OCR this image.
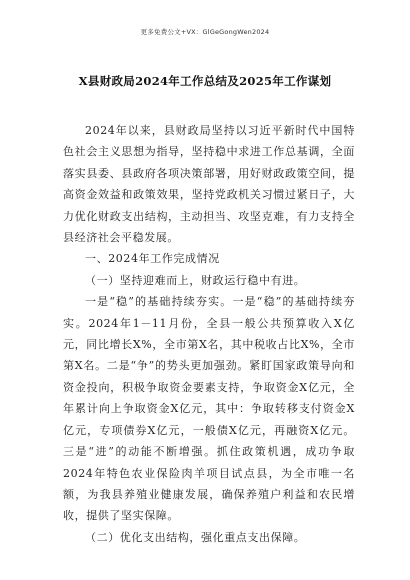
更多免费公文+VX：GlGeGongWen2024
X县财政局2024年工作总结及2025年工作谋划

2024年以来，县财政局坚持以习近平新时代中国特色社会主义思想为指导，坚持稳中求进工作总基调，全面落实县委、县政府各项决策部署，用好财政政策空间，提高资金效益和政策效果，坚持党政机关习惯过紧日子，大力优化财政支出结构，主动担当、攻坚克难，有力支持全县经济社会平稳发展。

一、2024年工作完成情况

（一）坚持迎难而上，财政运行稳中有进。

一是“稳”的基础持续夯实。一是“稳”的基础持续夯实。2024年1－11月份，全县一般公共预算收入X亿元，同比增长X%，全市第X名，其中税收占比X%，全市第X名。二是“争”的势头更加强劲。紧盯国家政策导向和资金投向，积极争取资金要素支持，争取资金X亿元，全年累计向上争取资金X亿元，其中：争取转移支付资金X亿元，专项债券X亿元，一般债X亿元，再融资X亿元。三是“进”的动能不断增强。抓住政策机遇，成功争取2024年特色农业保险肉羊项目试点县，为全市唯一名额，为我县养殖业健康发展，确保养殖户利益和农民增收，提供了坚实保障。

（二）优化支出结构，强化重点支出保障。
